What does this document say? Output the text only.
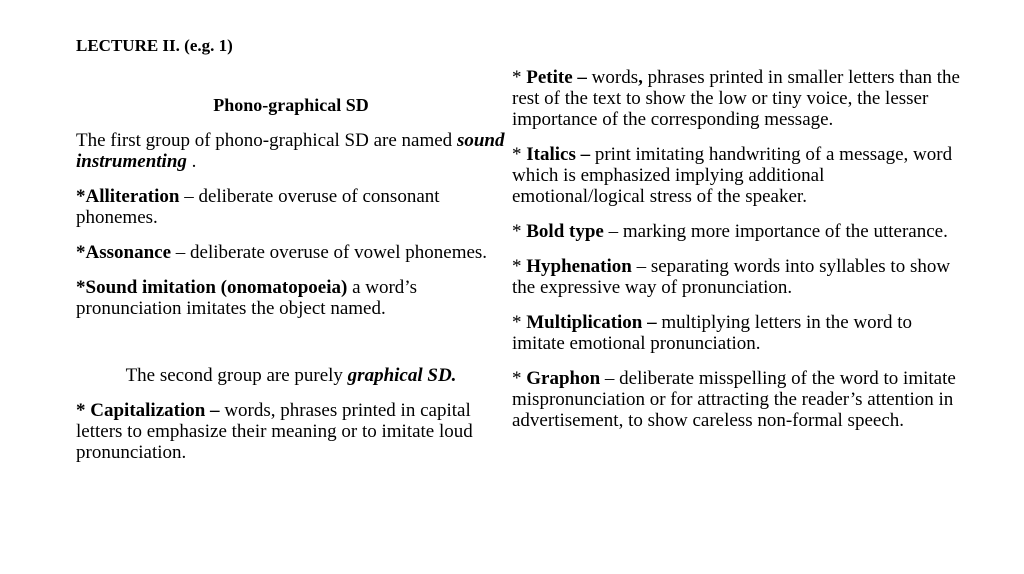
LECTURE II. (e.g. 1)
Phono-graphical SD

The first group of phono-graphical SD are named sound instrumenting .

*Alliteration – deliberate overuse of consonant phonemes.

*Assonance – deliberate overuse of vowel phonemes.

*Sound imitation (onomatopoeia) a word’s pronunciation imitates the object named.

The second group are purely graphical SD.

* Capitalization – words, phrases printed in capital letters to emphasize their meaning or to imitate loud pronunciation.

* Petite – words, phrases printed in smaller letters than the rest of the text to show the low or tiny voice, the lesser importance of the corresponding message.

* Italics – print imitating handwriting of a message, word which is emphasized implying additional emotional/logical stress of the speaker.

* Bold type – marking more importance of the utterance.

* Hyphenation – separating words into syllables to show the expressive way of pronunciation.

* Multiplication – multiplying letters in the word to imitate emotional pronunciation.

* Graphon – deliberate misspelling of the word to imitate mispronunciation or for attracting the reader’s attention in advertisement, to show careless non-formal speech.
